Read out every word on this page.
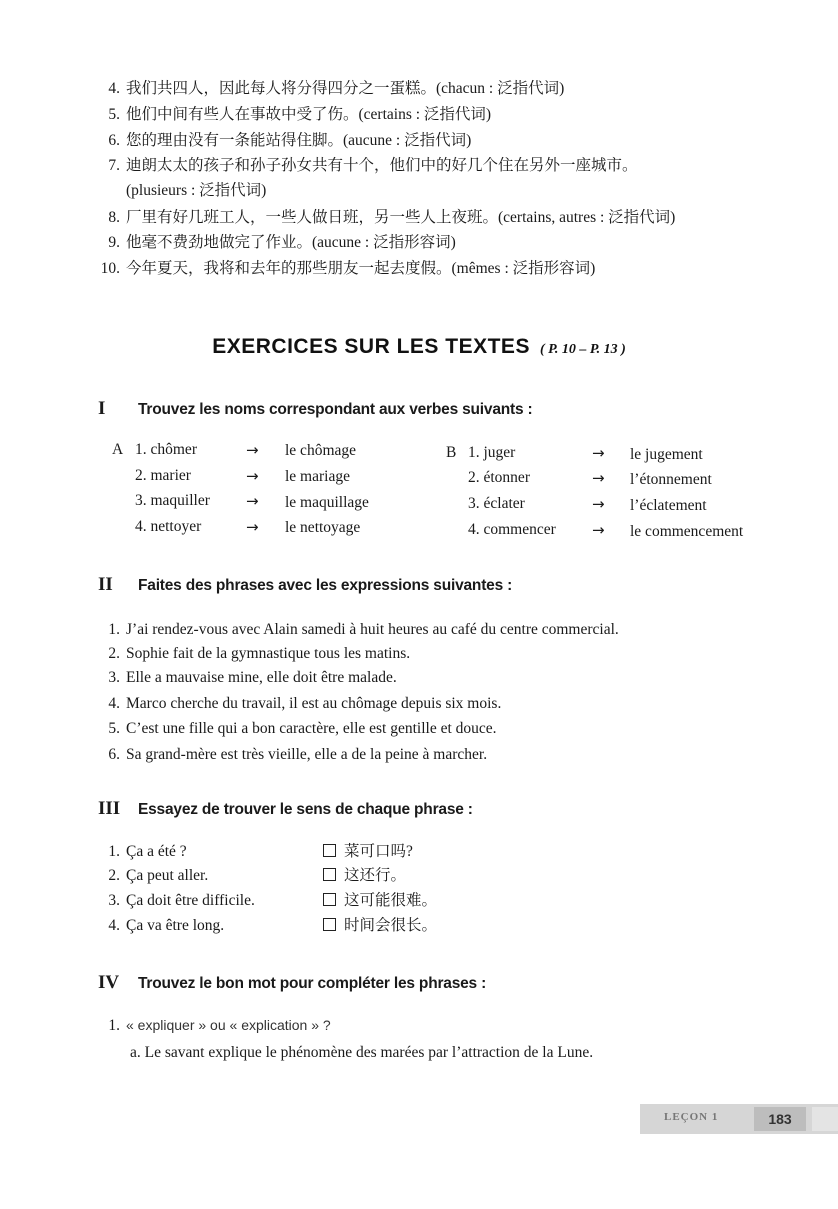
4. 我们共四人，因此每人将分得四分之一蛋糕。(chacun : 泛指代词)
5. 他们中间有些人在事故中受了伤。(certains : 泛指代词)
6. 您的理由没有一条能站得住脚。(aucune : 泛指代词)
7. 迪朗太太的孩子和孙子孙女共有十个，他们中的好几个住在另外一座城市。
(plusieurs : 泛指代词)
8. 厂里有好几班工人，一些人做日班，另一些人上夜班。(certains, autres : 泛指代词)
9. 他毫不费劲地做完了作业。(aucune : 泛指形容词)
10. 今年夏天，我将和去年的那些朋友一起去度假。(mêmes : 泛指形容词)
EXERCICES SUR LES TEXTES ( P. 10 – P. 13 )
I Trouvez les noms correspondant aux verbes suivants :
A	B
1. chômer	→ le chômage
2. marier	→ le mariage
3. maquiller → le maquillage
4. nettoyer	→ le nettoyage
1. juger	→ le jugement
2. étonner	→ l’étonnement
3. éclater	→ l’éclatement
4. commencer → le commencement
II Faites des phrases avec les expressions suivantes :
1. J’ai rendez-vous avec Alain samedi à huit heures au café du centre commercial.
2. Sophie fait de la gymnastique tous les matins.
3. Elle a mauvaise mine, elle doit être malade.
4. Marco cherche du travail, il est au chômage depuis six mois.
5. C’est une fille qui a bon caractère, elle est gentille et douce.
6. Sa grand-mère est très vieille, elle a de la peine à marcher.
III Essayez de trouver le sens de chaque phrase :
1. Ça a été ?	菜可口吗?
2. Ça peut aller.	这还行。
3. Ça doit être difficile.	这可能很难。
4. Ça va être long.	时间会很长。
IV Trouvez le bon mot pour compléter les phrases :
1. « expliquer » ou « explication » ?
a. Le savant explique le phénomène des marées par l’attraction de la Lune.
LEÇON 1	183
